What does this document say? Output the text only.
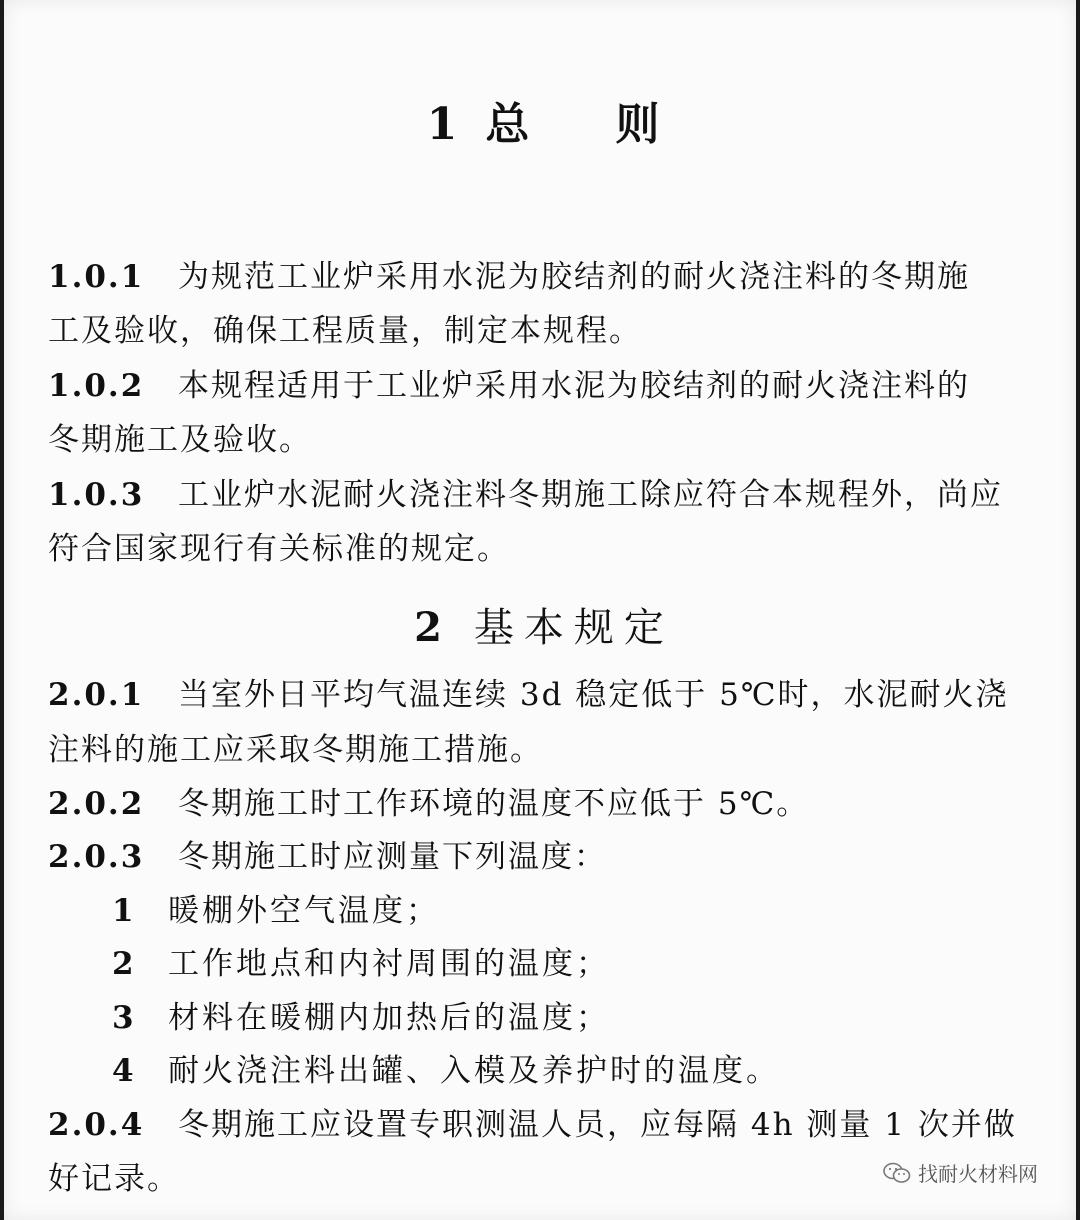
1 总 则
1.0.1 为规范工业炉采用水泥为胶结剂的耐火浇注料的冬期施
工及验收，确保工程质量，制定本规程。
1.0.2 本规程适用于工业炉采用水泥为胶结剂的耐火浇注料的
冬期施工及验收。
1.0.3 工业炉水泥耐火浇注料冬期施工除应符合本规程外，尚应
符合国家现行有关标准的规定。
2 基本规定
2.0.1 当室外日平均气温连续 3d 稳定低于 5℃时，水泥耐火浇
注料的施工应采取冬期施工措施。
2.0.2 冬期施工时工作环境的温度不应低于 5℃。
2.0.3 冬期施工时应测量下列温度：
1 暖棚外空气温度；
2 工作地点和内衬周围的温度；
3 材料在暖棚内加热后的温度；
4 耐火浇注料出罐、入模及养护时的温度。
2.0.4 冬期施工应设置专职测温人员，应每隔 4h 测量 1 次并做
好记录。	找耐火材料网
